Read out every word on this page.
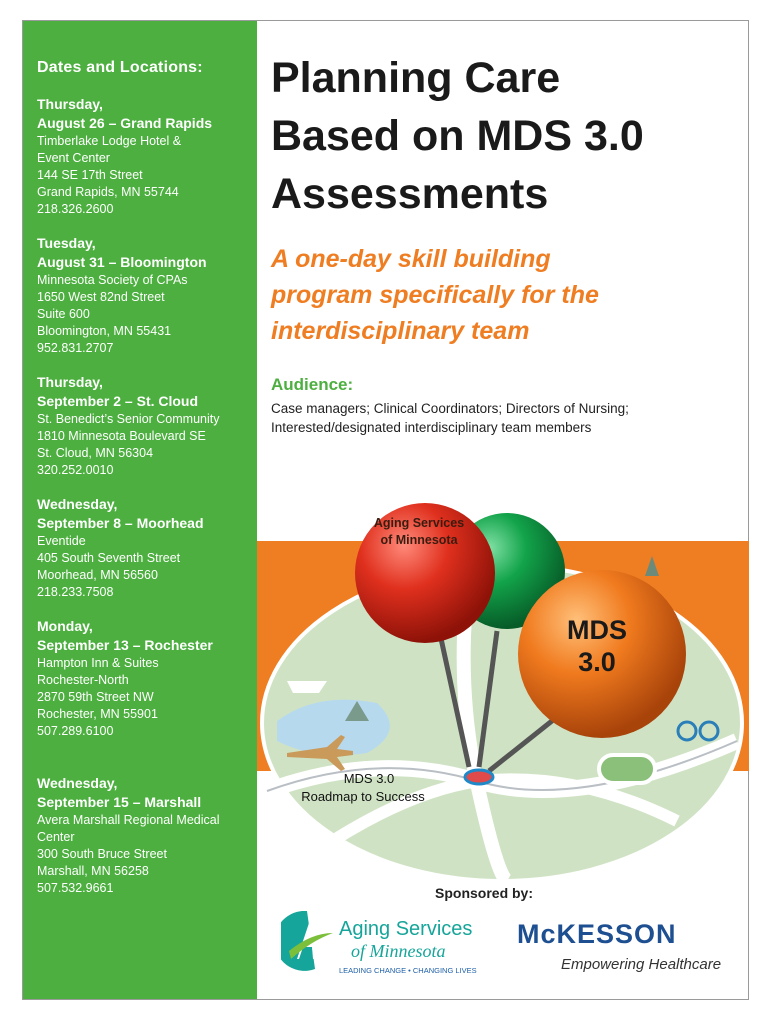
Dates and Locations:
Thursday,
August 26 – Grand Rapids
Timberlake Lodge Hotel &
Event Center
144 SE 17th Street
Grand Rapids, MN 55744
218.326.2600
Tuesday,
August 31 – Bloomington
Minnesota Society of CPAs
1650 West 82nd Street
Suite 600
Bloomington, MN 55431
952.831.2707
Thursday,
September 2 – St. Cloud
St. Benedict’s Senior Community
1810 Minnesota Boulevard SE
St. Cloud, MN 56304
320.252.0010
Wednesday,
September 8 – Moorhead
Eventide
405 South Seventh Street
Moorhead, MN 56560
218.233.7508
Monday,
September 13 – Rochester
Hampton Inn & Suites
Rochester-North
2870 59th Street NW
Rochester, MN 55901
507.289.6100
Wednesday,
September 15 – Marshall
Avera Marshall Regional Medical
Center
300 South Bruce Street
Marshall, MN 56258
507.532.9661
Planning Care
Based on MDS 3.0
Assessments
A one-day skill building
program specifically for the
interdisciplinary team
Audience:
Case managers; Clinical Coordinators; Directors of Nursing; Interested/designated interdisciplinary team members
Aging Services
of Minnesota
MDS
3.0
MDS 3.0
Roadmap to Success
Sponsored by:
Aging Services
of Minnesota
LEADING CHANGE • CHANGING LIVES
McKESSON
Empowering Healthcare
